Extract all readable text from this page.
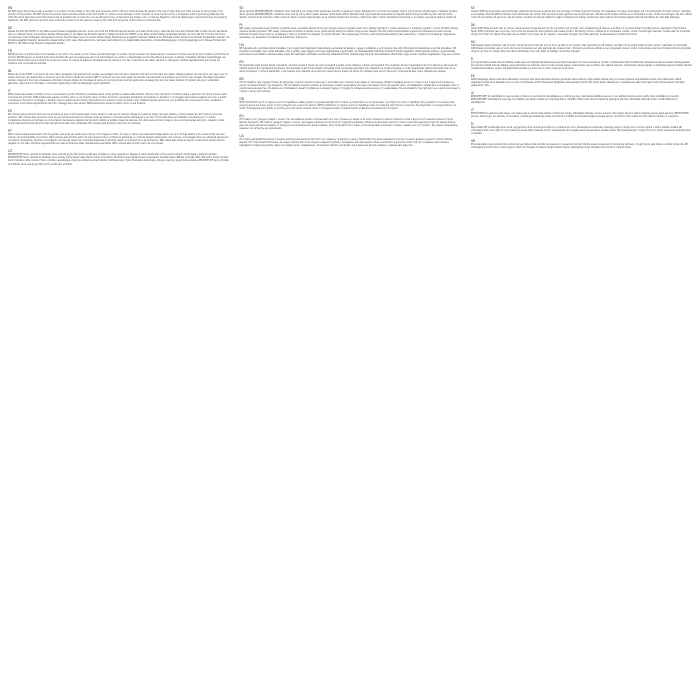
EN

DO NOT place this product near a window or a curtain cord as a baby or the child and cause the child to fall out of the window. Be aware of the risk of open fires and other sources of strong heat in the vicinity of the product. DO NOT place this product near a window where cords from blinds or curtains could strangle a child. Quantity is to be carried out by a competent adult only. During assembly the child should be kept away from the product due to possible risk of injury. Do not use this item if any components are broken, torn or missing. Regularly check all fastenings to ensure that they are properly tightened. DO NOT place this product near a window so that it can be used as a step by the child and cause the child to fall out of the window.

DE

Dieses Produkt darf NICHT in der Nähe eines Fensters aufgestellt werden, da es vom Kind als Trittbrett benutzt werden und dazu führen kann, dass das Kind aus dem Fenster fällt. Achten Sie auf das Risiko, das von offenem Feuer und anderen starken Hitzequellen in der Nähe des Produkts herrührt. Dieses Produkt darf NICHT in der Nähe eines Fensters aufgestellt werden, wo sich das Kind mit den Schnüren von Jalousien oder Vorhängen strangulieren könnte. Die Montage muss von einem fachkundigen Erwachsenen ausgeführt werden. Während der Montage sollten Kinder vom Produkt ferngehalten werden, da Verletzungsgefahr besteht. Verwenden dieses Artikel nicht, wenn Teile gebrochen, zerrissen oder fehlend sind. Regelmäßig überprüfen, ob alle Befestigungen richtig festgezogen sind. Dieses Produkt darf NICHT in der Nähe eines Fensters aufgestellt werden.

FR

NE PAS placer ce produit près d'une fenêtre où le cordon d'un store ou d'un rideau pourrait étrangler un enfant. Soyez conscient du risque de feux ouverts et d'autres sources de forte chaleur à proximité du produit. NE PAS placer ce produit près d'une fenêtre afin qu'il ne puisse pas servir de marchepied à un enfant. L'assemblage ne doit être effectué que par un adulte compétent. Pendant l'assemblage, les enfants doivent être tenus à l'écart du produit en raison du risque de blessure. N'utilisez pas cet article si l'un des composants est cassé, déchiré ou manquant. Vérifiez régulièrement que toutes les fixations sont correctement serrées.

NL

Plaats dit product NIET in de buurt van een raam, aangezien het gebruikt kan worden als opstapje door het kind, waardoor het kind uit het raam kan vallen. Wees je bewust van het risico van open vuur en andere bronnen van sterke hitte in de buurt van het product. Plaats dit product NIET in de buurt van een raam waar de koorden van jaloezieën of gordijnen een kind kunnen wurgen. Montage mag alleen worden uitgevoerd door een volwassene. Kinderen moeten tijdens de montage uit de buurt van het product worden gehouden vanwege het risico op letsel. Gebruik dit artikel niet als er onderdelen gebroken, gescheurd of ontbreken. Controleer regelmatig of alle bevestigingen goed vastzitten.

IT

NON posizionare questo prodotto vicino a una finestra, poiché il bambino potrebbe usarlo come gradino e cadere dalla finestra. Tenere conto del rischio di fiamme libere e altre fonti di calore intenso nelle vicinanze del prodotto. NON posizionare questo prodotto vicino a una finestra dove i cordoni di tende o veneziane potrebbero strangolare un bambino. Il montaggio deve essere eseguito solo da un adulto competente. Durante il montaggio, i bambini devono essere tenuti lontani dal prodotto per evitare il rischio di lesioni. Non utilizzare questo articolo se uno qualsiasi dei componenti è rotto, strappato o mancante. Controllare regolarmente che tutti i fissaggi siano ben serrati. NON posizionare questo prodotto vicino a una finestra.

ES

NO coloque este producto cerca de una ventana ya que el niño puede usarlo como escalón y caer por la ventana. Tenga en cuenta el riesgo de fuego abierto y otras fuentes de calor intenso cerca del producto. NO coloque este producto cerca de una ventana donde los cordones de las persianas o cortinas puedan estrangular a un niño. El montaje debe ser realizado únicamente por un adulto competente. Durante el montaje, los niños deben mantenerse alejados del producto debido al posible riesgo de lesiones. No utilice este artículo si alguno de sus componentes está roto, rasgado o falta. Compruebe periódicamente que todas las fijaciones estén bien apretadas. NO coloque este producto cerca de una ventana.

PT

NÃO coloque este produto perto de uma janela, pois pode ser usado pela criança como degrau e fazer com que a criança caia da janela. Esteja atento ao risco de fogo aberto e de outras fontes de calor intenso nas proximidades do produto. NÃO coloque este produto perto de uma janela onde os cordões de persianas ou cortinas possam estrangular uma criança. A montagem deve ser efetuada apenas por um adulto competente. Durante a montagem, as crianças devem ser mantidas afastadas do produto devido ao possível risco de ferimentos. Não utilize este artigo se algum componente estiver partido, rasgado ou em falta. Verifique regularmente se todas as fixações estão devidamente apertadas. NÃO coloque este produto perto de uma janela.

CZ

NEUMISŤUJTE tento výrobek do blízkosti okna, protože by jej dítě mohlo použít jako schůdek a z okna vypadnout. Dbejte na riziko otevřeného ohně a jiných silných zdrojů tepla v blízkosti výrobku. NEUMISŤUJTE tento výrobek do blízkosti okna, kde by šňůry žaluzií nebo záclon mohly dítě uškrtit. Montáž musí provádět pouze kompetentní dospělá osoba. Během montáže držte děti mimo dosah výrobku kvůli možnému riziku zranění. Tento výrobek nepoužívejte, pokud je některá součást rozbitá, roztržená nebo chybí. Pravidelně kontrolujte, zda jsou všechny spoje řádně utaženy. NEUMISŤUJTE tento výrobek do blízkosti okna, kde by jej dítě mohlo použít jako schůdek.

SK

Tento výrobok NEUMIESTŇUJTE v blízkosti okna, pretože by ho dieťa mohlo použiť ako schodík a vypadnúť z okna. Dávajte pozor na riziko otvoreného ohňa a iných zdrojov silného tepla v blízkosti výrobku. Tento výrobok NEUMIESTŇUJTE v blízkosti okna, kde by šnúry žalúzií alebo závesov mohli dieťa uškrtiť. Montáž môže vykonávať iba kompetentná dospelá osoba. Počas montáže by deti mali byť mimo dosahu výrobku kvôli možnému riziku zranenia. Tento výrobok nepoužívajte, ak je niektorý komponent zlomený, roztrhnutý alebo chýba. Pravidelne kontrolujte, či sú všetky upevnenia správne utiahnuté.

PL

NIE należy umieszczać tego produktu w pobliżu okna, ponieważ dziecko może użyć go jako stopnia i wypaść przez okno. Należy pamiętać o ryzyku związanym z otwartym ogniem i innymi źródłami silnego ciepła w pobliżu produktu. NIE należy umieszczać produktu w pobliżu okna, gdzie sznurki żaluzji lub zasłon mogą udusić dziecko. Montaż może przeprowadzać wyłącznie kompetentna osoba dorosła. Podczas montażu dzieci powinny przebywać z dala od produktu ze względu na ryzyko obrażeń. Nie używaj tego produktu, jeśli którykolwiek element jest uszkodzony, rozdarty lub brakuje go. Regularnie sprawdzaj, czy wszystkie mocowania są prawidłowo dokręcone.

HU

NE helyezze ezt a terméket ablak közelébe, mert a gyermek fellépőként használhatja, és kieshet az ablakon. Legyen tudatában a nyílt láng és más erős hőforrások kockázatának a termék közelében. NE helyezze a terméket olyan ablak közelébe, ahol a redőny vagy függöny zsinórja megfojthatja a gyermeket. Az összeszerelést kizárólag hozzáértő felnőtt végezheti. Összeszerelés közben a gyermekeket tartsa távol a terméktől a sérülésveszély miatt. Ne használja a terméket, ha bármely alkatrésze törött, szakadt vagy hiányzik. Rendszeresen ellenőrizze, hogy minden rögzítés megfelelően meg van-e húzva.

RO

NU amplasați acest produs lângă o fereastră, deoarece poate fi folosit de copil ca treaptă și poate cauza căderea copilului pe fereastră. Fiți conștienți de riscul reprezentat de focul deschis și alte surse de căldură puternică în apropierea produsului. NU amplasați acest produs lângă o fereastră unde cordoanele jaluzelelor sau draperiilor ar putea strangula un copil. Asamblarea trebuie efectuată doar de un adult competent. În timpul asamblării, copiii trebuie ținuți departe de produs din cauza riscului posibil de rănire. Nu utilizați acest articol dacă vreo componentă este ruptă, sfâșiată sau lipsește.

BG

НЕ поставяйте този продукт близо до прозорец, тъй като детето може да го използва като стъпало и да падне от прозореца. Имайте предвид риска от открит огън и други източници на силна топлина в близост до продукта. НЕ поставяйте продукта близо до прозорец, където шнуровете на щори или завеси могат да удушат дете. Сглобяването трябва да се извършва само от компетентен възрастен. По време на сглобяването децата трябва да се държат далеч от продукта поради възможен риск от нараняване. Не използвайте този артикул, ако някой компонент е счупен, скъсан или липсва.

GR

ΜΗΝ τοποθετείτε αυτό το προϊόν κοντά σε παράθυρο, καθώς μπορεί να χρησιμοποιηθεί από το παιδί ως σκαλοπάτι και να προκαλέσει την πτώση του από το παράθυρο. Να γνωρίζετε τον κίνδυνο από ανοιχτή φωτιά και άλλες πηγές έντονης θερμότητας κοντά στο προϊόν. ΜΗΝ τοποθετείτε το προϊόν κοντά σε παράθυρο όπου τα κορδόνια από στόρια ή κουρτίνες θα μπορούσαν να στραγγαλίσουν ένα παιδί. Η συναρμολόγηση πρέπει να γίνεται μόνο από ικανό ενήλικα. Κατά τη συναρμολόγηση τα παιδιά πρέπει να βρίσκονται μακριά από το προϊόν.

RU

НЕ ставьте этот продукт рядом с окном, так как ребенок может использовать его как ступеньку и выпасть из окна. Помните о риске открытого огня и других источников сильного тепла вблизи продукта. НЕ ставьте продукт рядом с окном, где шнуры жалюзи или штор могут задушить ребенка. Сборка должна выполняться только компетентным взрослым. Во время сборки дети должны находиться вдали от продукта из-за возможного риска травмы. Не используйте этот товар, если какой-либо компонент сломан, порван или отсутствует. Регулярно проверяйте, надежно ли затянуты все крепления.

UA

НЕ ставте цей виріб біля вікна, оскільки дитина може використати його як сходинку та випасти з вікна. Пам'ятайте про ризик відкритого вогню та інших джерел сильного тепла поблизу виробу. НЕ ставте виріб біля вікна, де шнури жалюзі або штор можуть задушити дитину. Складання має виконувати лише компетентна доросла особа. Під час складання діти повинні перебувати подалі від виробу через можливий ризик травмування. Не використовуйте цей виріб, якщо будь-яка деталь зламана, порвана або відсутня.

SE

Placera INTE denna produkt nära ett fönster, eftersom barnet kan använda den som ett steg och falla ut genom fönstret. Var medveten om risken med öppen eld och andra källor till stark värme i närheten av produkten. Placera INTE produkten nära ett fönster där snören från persienner eller gardiner kan strypa ett barn. Montering får endast utföras av en kompetent vuxen. Under monteringen ska barn hållas borta från produkten på grund av risk för skador. Använd inte denna artikel om någon komponent är trasig, sönderriven eller saknas. Kontrollera regelbundet att alla fästen är ordentligt åtdragna.

DK

Placer IKKE dette produkt nær et vindue, da barnet kan bruge det som et trin og falde ud af vinduet. Vær opmærksom på risikoen ved åben ild og andre kilder til kraftig varme i nærheden af produktet. Placer IKKE produktet nær et vindue, hvor snore fra persienner eller gardiner kan kvæle et barn. Montering må kun udføres af en kompetent voksen. Under monteringen skal børn holdes væk fra produktet på grund af risiko for skade. Brug ikke denne artikel, hvis nogen del er i stykker, revet eller mangler. Kontroller jævnligt, at alle beslag er korrekt strammet.

NO

IKKE plasser dette produktet nær et vindu, da barnet kan bruke det som et trinn og falle ut av vinduet. Vær oppmerksom på risikoen ved åpen ild og andre kilder til sterk varme i nærheten av produktet. IKKE plasser produktet nær et vindu der snorer fra persienner eller gardiner kan kvele et barn. Montering skal bare utføres av en kompetent voksen. Under monteringen skal barn holdes borte fra produktet på grunn av fare for skade. Ikke bruk denne artikkelen hvis noen deler er ødelagt, revet eller mangler.

FI

ÄLÄ sijoita tätä tuotetta ikkunan lähelle, koska lapsi voi käyttää sitä askelmana ja pudota ikkunasta. Huomioi avotulen ja muiden voimakkaiden lämmönlähteiden aiheuttama vaara tuotteen läheisyydessä. ÄLÄ sijoita tuotetta ikkunan lähelle, jossa kaihtimien tai verhojen narut voivat kuristaa lapsen. Kokoamisen saa suorittaa vain pätevä aikuinen. Kokoamisen aikana lapset on pidettävä poissa tuotteen läheltä loukkaantumisvaaran vuoksi. Älä käytä tätä tuotetta, jos jokin osa on rikki, revennyt tai puuttuu.

EE

ÄRGE paigutage seda toodet akna lähedale, kuna laps võib seda kasutada astmena ja aknast välja kukkuda. Olge teadlik lahtise tule ja muude tugevate soojusallikate ohust toote läheduses. ÄRGE paigutage toodet akna lähedale, kus ruloode või kardinate nöörid võivad last kägistada. Kokkupanekut tohib teha ainult pädev täiskasvanu. Kokkupaneku ajal tuleb lapsi hoida tootest eemal võimaliku vigastusohu tõttu.

LV

NENOVIETOJIET šo izstrādājumu loga tuvumā, jo bērns to var izmantot kā pakāpienu un izkrist pa logu. Apzinieties atklātas uguns un citu spēcīgu siltuma avotu radīto risku izstrādājuma tuvumā. NENOVIETOJIET izstrādājumu pie loga, kur žalūziju vai aizkaru auklas var nožņaugt bērnu. Montāžu drīkst veikt tikai kompetenta pieaugusi persona. Montāžas laikā bērni jātur drošā attālumā no izstrādājuma.

LT

NESTATYKITE šio gaminio šalia lango, nes vaikas gali jį naudoti kaip laiptelį ir iškristi pro langą. Atkreipkite dėmesį į atviros ugnies ir kitų stiprių šilumos šaltinių keliamą pavojų šalia gaminio. NESTATYKITE gaminio šalia lango, kur žaliuzių ar užuolaidų virvelės gali pasmaugti vaiką. Surinkimą turi atlikti tik kompetentingas suaugęs asmuo. Surinkimo metu vaikai turi būti laikomi atokiau nuo gaminio.

SI

Tega izdelka NE postavljajte blizu okna, saj ga lahko otrok uporabi kot stopnico in pade skozi okno. Zavedajte se nevarnosti odprtega ognja in drugih virov močne toplote v bližini izdelka. Izdelka NE postavljajte blizu okna, kjer bi vrvice žaluzij ali zaves lahko zadavile otroka. Sestavljanje sme izvajati samo usposobljena odrasla oseba. Med sestavljanjem morajo biti otroci zaradi nevarnosti poškodb stran od izdelka.

HR

NE postavljajte ovaj proizvod blizu prozora jer ga dijete može koristiti kao stepenicu i ispasti kroz prozor. Budite svjesni opasnosti od otvorenog plamena i drugih izvora jake topline u blizini proizvoda. NE postavljajte proizvod blizu prozora gdje bi uzice rolo zavjesa ili zastora mogle zadaviti dijete. Sastavljanje smije obavljati samo stručna odrasla osoba.
